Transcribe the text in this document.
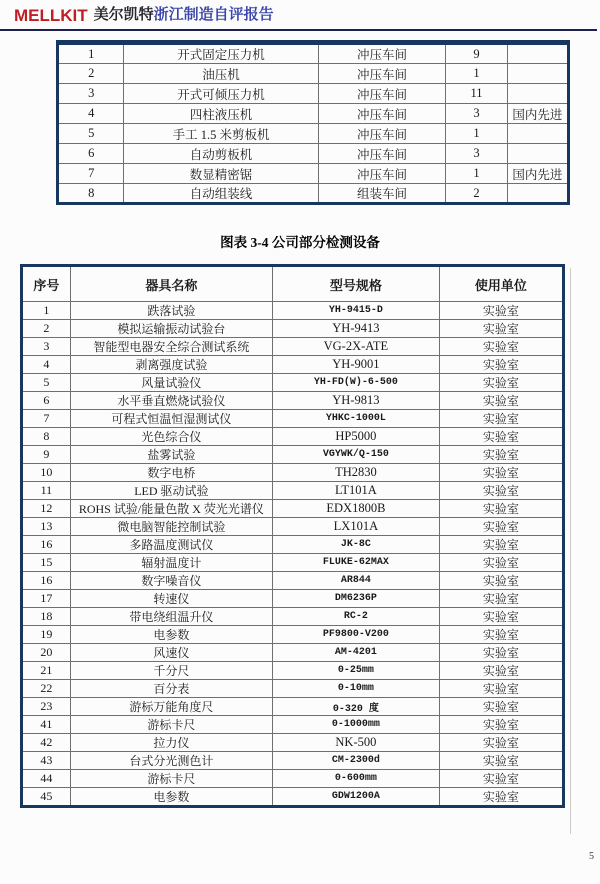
MELLKIT 美尔凯特浙江制造自评报告
1	开式固定压力机	冲压车间	9	
2	油压机	冲压车间	1	
3	开式可倾压力机	冲压车间	11	
4	四柱液压机	冲压车间	3	国内先进
5	手工 1.5 米剪板机	冲压车间	1	
6	自动剪板机	冲压车间	3	
7	数显精密锯	冲压车间	1	国内先进
8	自动组装线	组装车间	2	
图表 3-4 公司部分检测设备
序号	器具名称	型号规格	使用单位
1	跌落试验	YH-9415-D	实验室
2	模拟运输振动试验台	YH-9413	实验室
3	智能型电器安全综合测试系统	VG-2X-ATE	实验室
4	剥离强度试验	YH-9001	实验室
5	风量试验仪	YH-FD(W)-6-500	实验室
6	水平垂直燃烧试验仪	YH-9813	实验室
7	可程式恒温恒湿测试仪	YHKC-1000L	实验室
8	光色综合仪	HP5000	实验室
9	盐雾试验	VGYWK/Q-150	实验室
10	数字电桥	TH2830	实验室
11	LED 驱动试验	LT101A	实验室
12	ROHS 试验/能量色散 X 荧光光谱仪	EDX1800B	实验室
13	微电脑智能控制试验	LX101A	实验室
16	多路温度测试仪	JK-8C	实验室
15	辐射温度计	FLUKE-62MAX	实验室
16	数字噪音仪	AR844	实验室
17	转速仪	DM6236P	实验室
18	带电绕组温升仪	RC-2	实验室
19	电参数	PF9800-V200	实验室
20	风速仪	AM-4201	实验室
21	千分尺	0-25mm	实验室
22	百分表	0-10mm	实验室
23	游标万能角度尺	0-320 度	实验室
41	游标卡尺	0-1000mm	实验室
42	拉力仪	NK-500	实验室
43	台式分光测色计	CM-2300d	实验室
44	游标卡尺	0-600mm	实验室
45	电参数	GDW1200A	实验室
5
